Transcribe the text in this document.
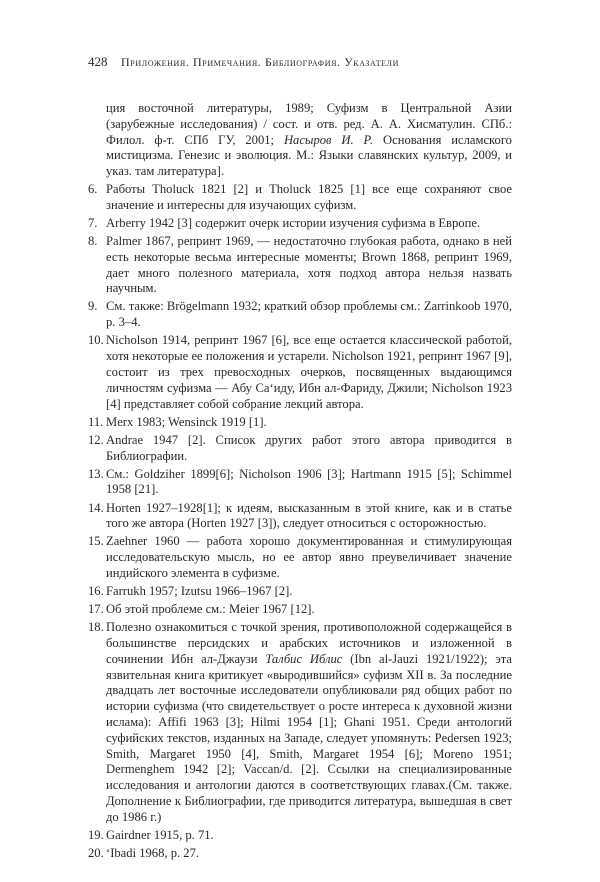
428 Приложения. Примечания. Библиография. Указатели
ция восточной литературы, 1989; Суфизм в Центральной Азии (зарубежные исследования) / сост. и отв. ред. А. А. Хисматулин. СПб.: Филол. ф-т. СПб ГУ, 2001; Насыров И. Р. Основания исламского мистицизма. Генезис и эволюция. М.: Языки славянских культур, 2009, и указ. там литература].
6. Работы Tholuck 1821 [2] и Tholuck 1825 [1] все еще сохраняют свое значение и интересны для изучающих суфизм.
7. Arberry 1942 [3] содержит очерк истории изучения суфизма в Европе.
8. Palmer 1867, репринт 1969, — недостаточно глубокая работа, однако в ней есть некоторые весьма интересные моменты; Brown 1868, репринт 1969, дает много полезного материала, хотя подход автора нельзя назвать научным.
9. См. также: Brögelmann 1932; краткий обзор проблемы см.: Zarrinkoob 1970, p. 3–4.
10. Nicholson 1914, репринт 1967 [6], все еще остается классической работой, хотя некоторые ее положения и устарели. Nicholson 1921, репринт 1967 [9], состоит из трех превосходных очерков, посвященных выдающимся личностям суфизма — Абу Са‘иду, Ибн ал-Фариду, Джили; Nicholson 1923 [4] представляет собой собрание лекций автора.
11. Merx 1983; Wensinck 1919 [1].
12. Andrae 1947 [2]. Список других работ этого автора приводится в Библиографии.
13. См.: Goldziher 1899[6]; Nicholson 1906 [3]; Hartmann 1915 [5]; Schimmel 1958 [21].
14. Horten 1927–1928[1]; к идеям, высказанным в этой книге, как и в статье того же автора (Horten 1927 [3]), следует относиться с осторожностью.
15. Zaehner 1960 — работа хорошо документированная и стимулирующая исследовательскую мысль, но ее автор явно преувеличивает значение индийского элемента в суфизме.
16. Farrukh 1957; Izutsu 1966–1967 [2].
17. Об этой проблеме см.: Meier 1967 [12].
18. Полезно ознакомиться с точкой зрения, противоположной содержащейся в большинстве персидских и арабских источников и изложенной в сочинении Ибн ал-Джаузи Талбис Иблис (Ibn al-Jauzi 1921/1922); эта язвительная книга критикует «выродившийся» суфизм XII в. За последние двадцать лет восточные исследователи опубликовали ряд общих работ по истории суфизма (что свидетельствует о росте интереса к духовной жизни ислама): Affifi 1963 [3]; Hilmi 1954 [1]; Ghani 1951. Среди антологий суфийских текстов, изданных на Западе, следует упомянуть: Pedersen 1923; Smith, Margaret 1950 [4], Smith, Margaret 1954 [6]; Moreno 1951; Dermenghem 1942 [2]; Vaccan/d. [2]. Ссылки на специализированные исследования и антологии даются в соответствующих главах.(См. также. Дополнение к Библиографии, где приводится литература, вышедшая в свет до 1986 г.)
19. Gairdner 1915, p. 71.
20. ‘Ibadi 1968, p. 27.
